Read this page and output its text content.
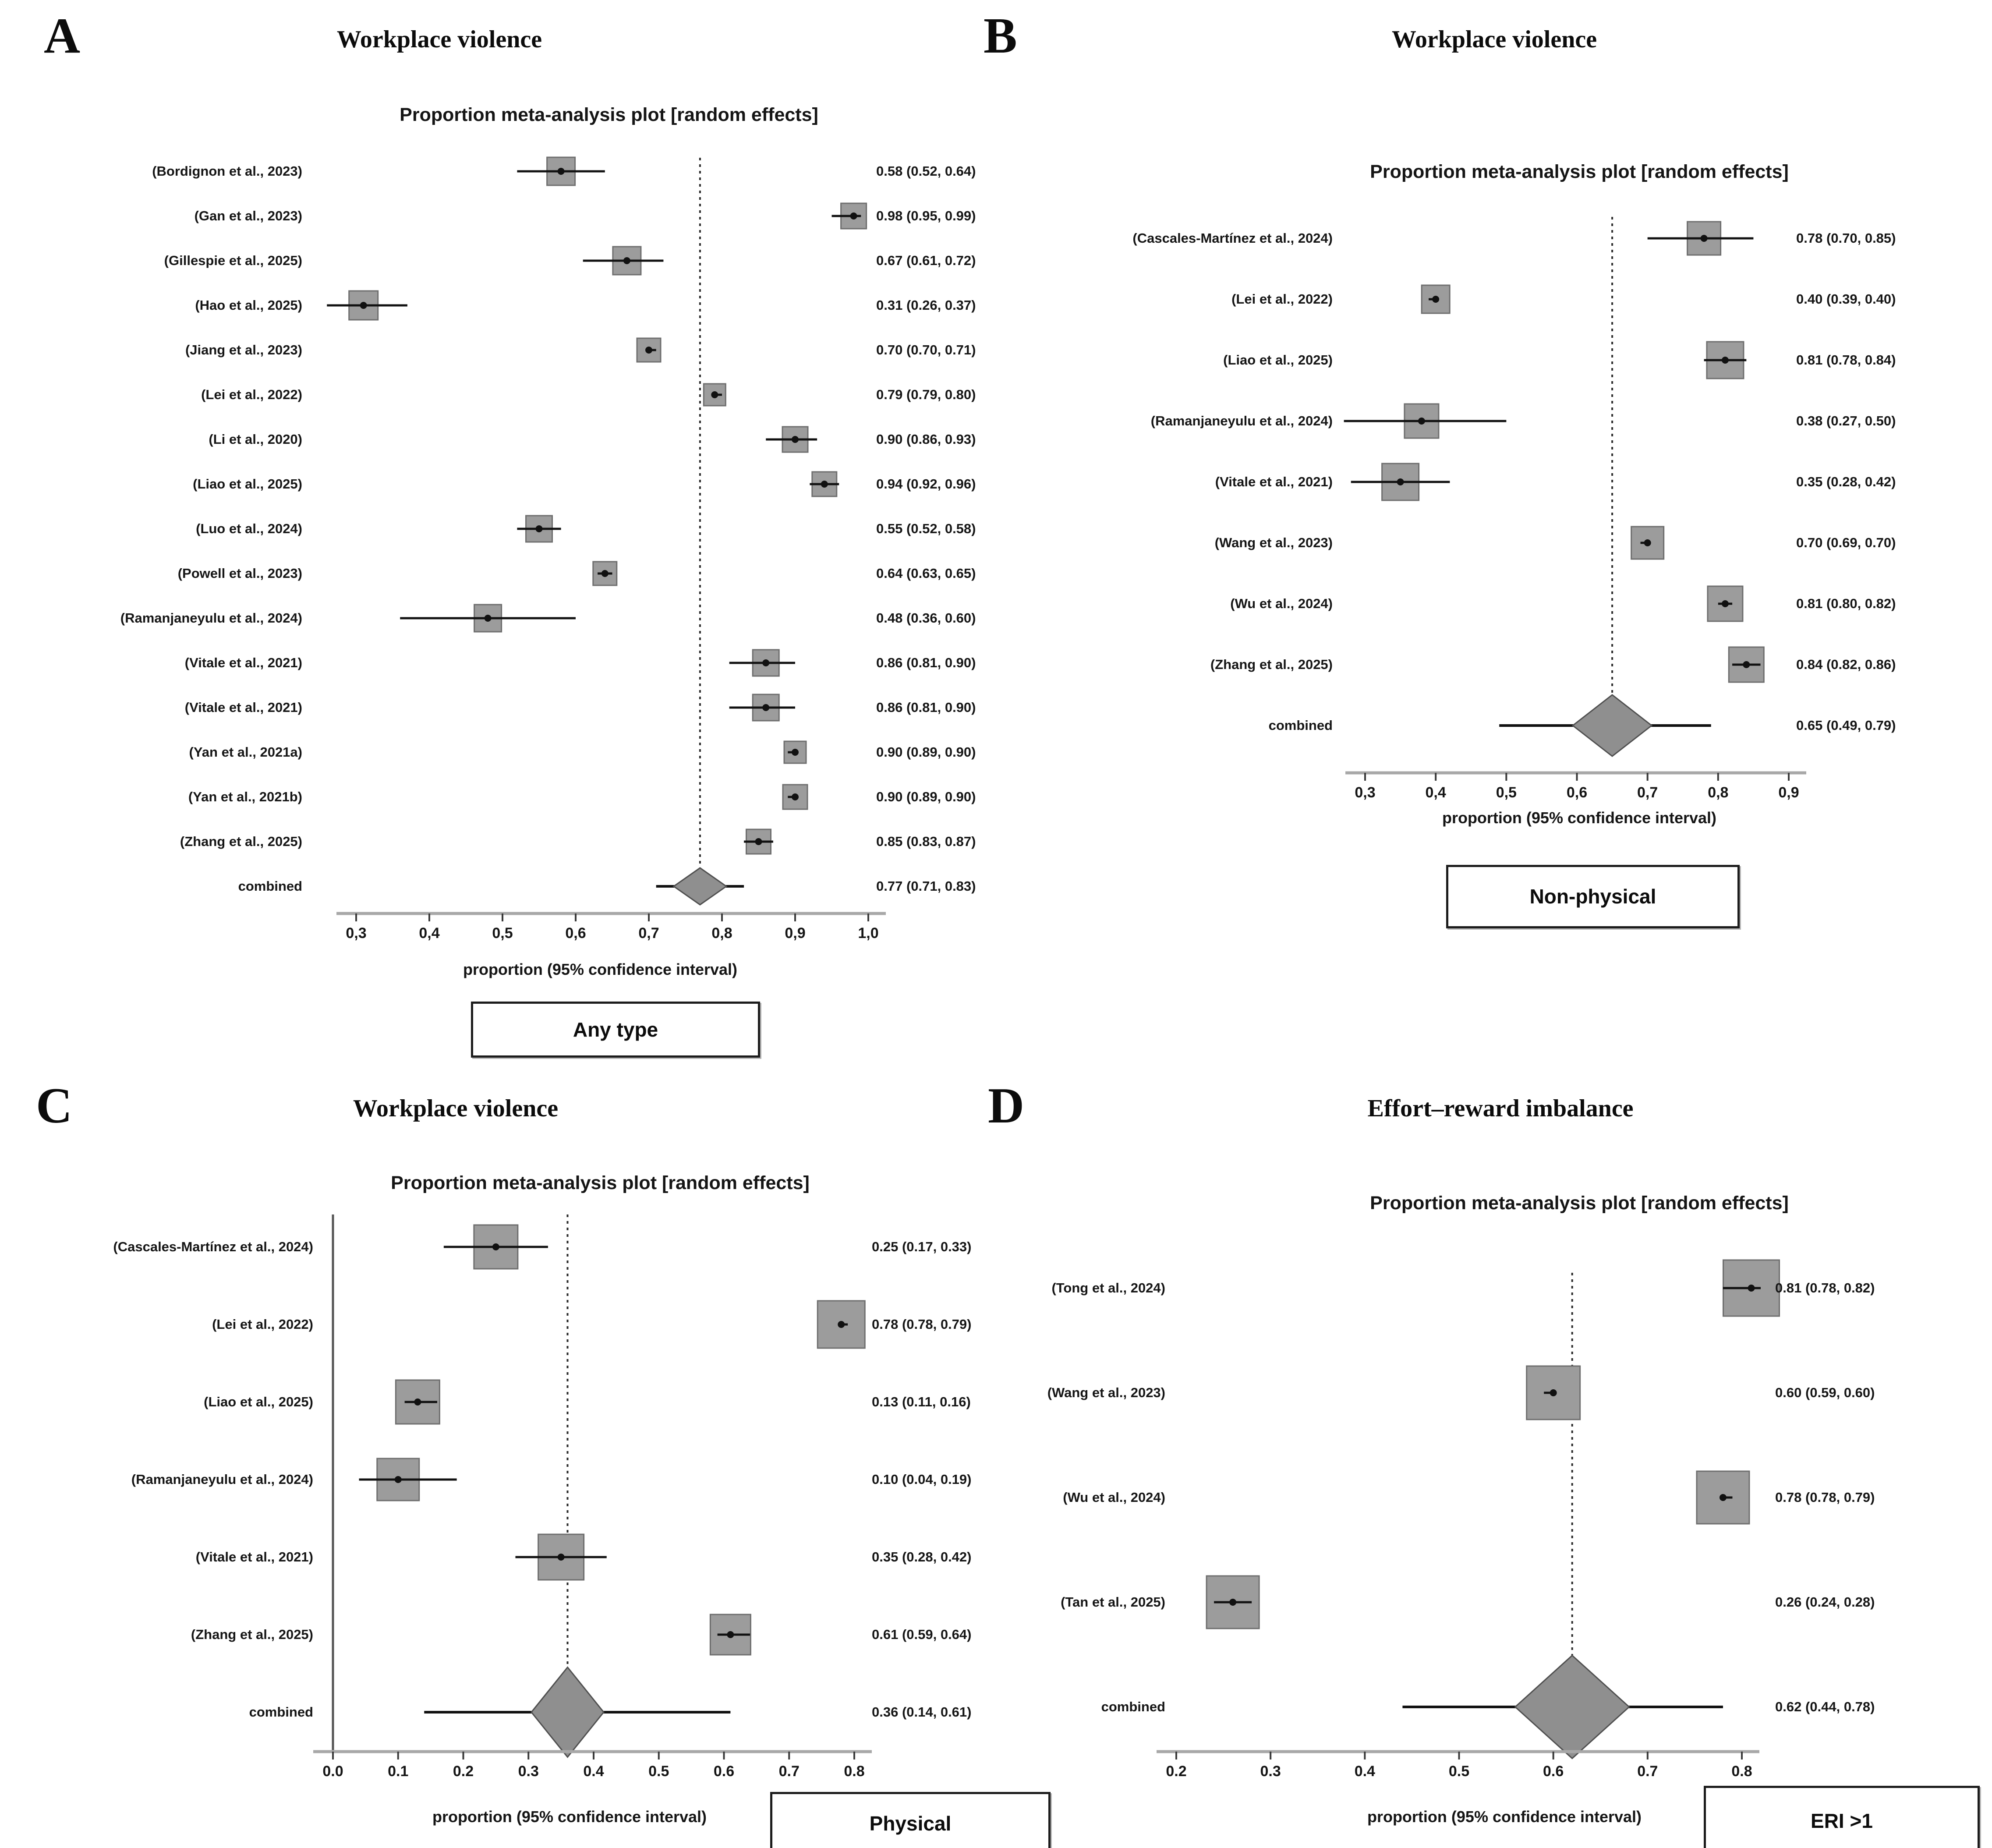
A	Workplace violence
Proportion meta-analysis plot [random effects]
proportion (95% confidence interval)
Any type
(Bordignon et al., 2023)	0.58 (0.52, 0.64)
(Gan et al., 2023)	0.98 (0.95, 0.99)
(Gillespie et al., 2025)	0.67 (0.61, 0.72)
(Hao et al., 2025)	0.31 (0.26, 0.37)
(Jiang et al., 2023)	0.70 (0.70, 0.71)
(Lei et al., 2022)	0.79 (0.79, 0.80)
(Li et al., 2020)	0.90 (0.86, 0.93)
(Liao et al., 2025)	0.94 (0.92, 0.96)
(Luo et al., 2024)	0.55 (0.52, 0.58)
(Powell et al., 2023)	0.64 (0.63, 0.65)
(Ramanjaneyulu et al., 2024)	0.48 (0.36, 0.60)
(Vitale et al., 2021)	0.86 (0.81, 0.90)
(Vitale et al., 2021)	0.86 (0.81, 0.90)
(Yan et al., 2021a)	0.90 (0.89, 0.90)
(Yan et al., 2021b)	0.90 (0.89, 0.90)
(Zhang et al., 2025)	0.85 (0.83, 0.87)
combined	0.77 (0.71, 0.83)
0,3	0,4	0,5	0,6	0,7	0,8	0,9	1,0
B	Workplace violence
Proportion meta-analysis plot [random effects]
proportion (95% confidence interval)
Non-physical
(Cascales-Martínez et al., 2024)	0.78 (0.70, 0.85)
(Lei et al., 2022)	0.40 (0.39, 0.40)
(Liao et al., 2025)	0.81 (0.78, 0.84)
(Ramanjaneyulu et al., 2024)	0.38 (0.27, 0.50)
(Vitale et al., 2021)	0.35 (0.28, 0.42)
(Wang et al., 2023)	0.70 (0.69, 0.70)
(Wu et al., 2024)	0.81 (0.80, 0.82)
(Zhang et al., 2025)	0.84 (0.82, 0.86)
combined	0.65 (0.49, 0.79)
0,3	0,4	0,5	0,6	0,7	0,8	0,9
C	Workplace violence
Proportion meta-analysis plot [random effects]
proportion (95% confidence interval)	Physical
(Cascales-Martínez et al., 2024)	0.25 (0.17, 0.33)
(Lei et al., 2022)	0.78 (0.78, 0.79)
(Liao et al., 2025)	0.13 (0.11, 0.16)
(Ramanjaneyulu et al., 2024)	0.10 (0.04, 0.19)
(Vitale et al., 2021)	0.35 (0.28, 0.42)
(Zhang et al., 2025)	0.61 (0.59, 0.64)
combined	0.36 (0.14, 0.61)
0.0	0.1	0.2	0.3	0.4	0.5	0.6	0.7	0.8
D	Effort–reward imbalance
Proportion meta-analysis plot [random effects]
proportion (95% confidence interval)	ERI >1
(Tong et al., 2024)	0.81 (0.78, 0.82)
(Wang et al., 2023)	0.60 (0.59, 0.60)
(Wu et al., 2024)	0.78 (0.78, 0.79)
(Tan et al., 2025)	0.26 (0.24, 0.28)
combined	0.62 (0.44, 0.78)
0.2	0.3	0.4	0.5	0.6	0.7	0.8
